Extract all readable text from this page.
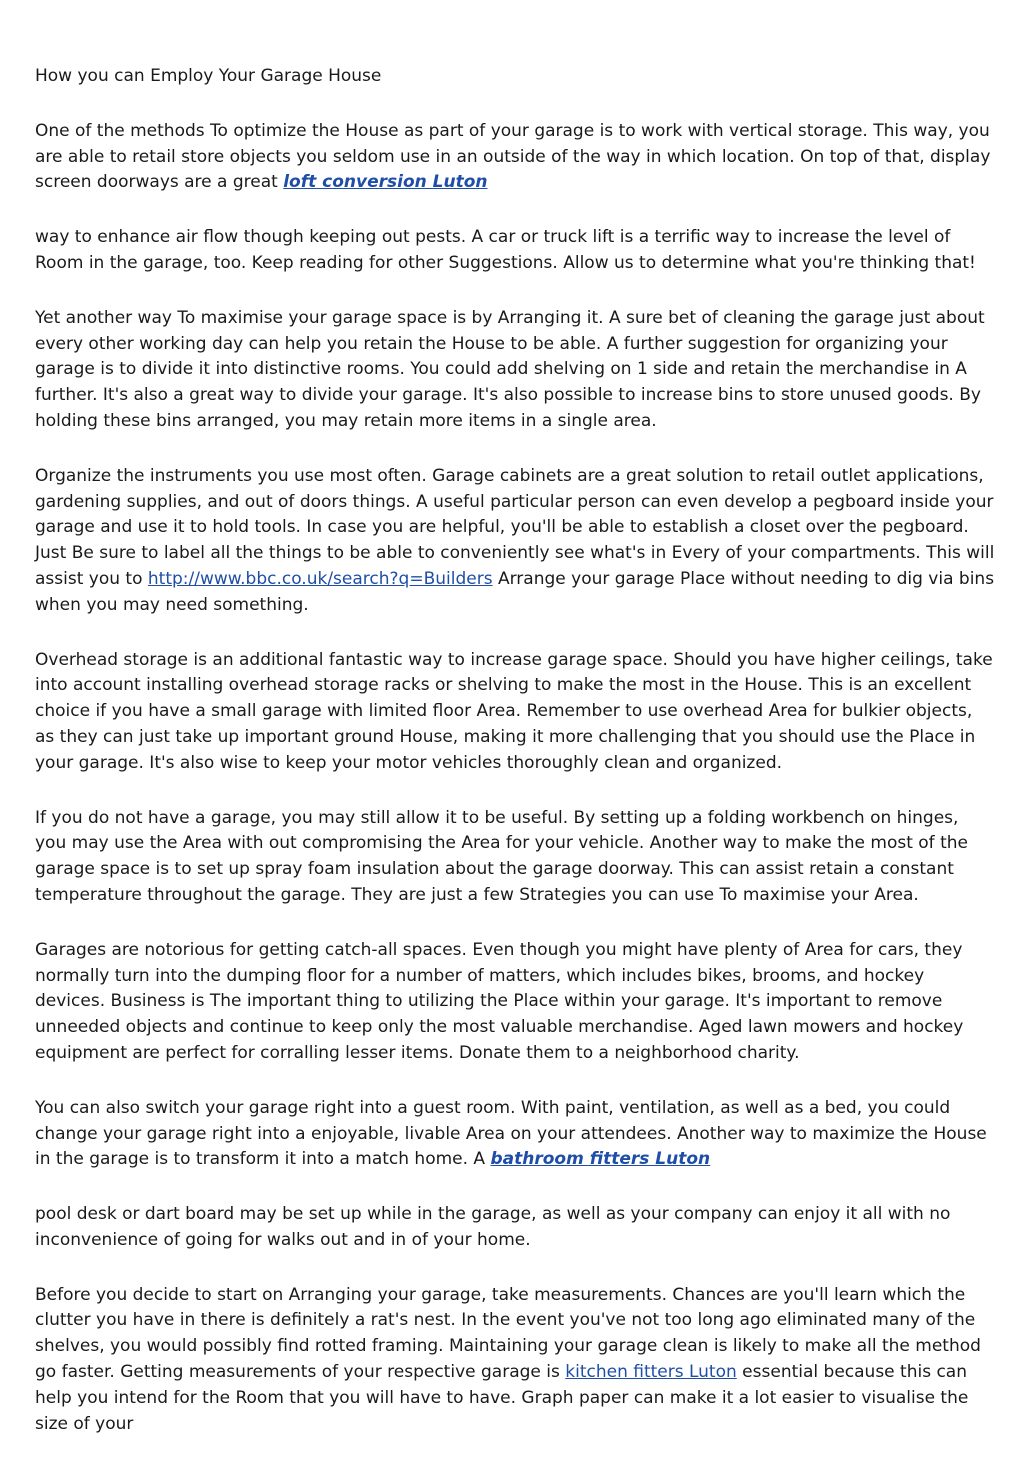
How you can Employ Your Garage House

One of the methods To optimize the House as part of your garage is to work with vertical storage. This way, you are able to retail store objects you seldom use in an outside of the way in which location. On top of that, display screen doorways are a great loft conversion Luton

way to enhance air flow though keeping out pests. A car or truck lift is a terrific way to increase the level of Room in the garage, too. Keep reading for other Suggestions. Allow us to determine what you're thinking that!

Yet another way To maximise your garage space is by Arranging it. A sure bet of cleaning the garage just about every other working day can help you retain the House to be able. A further suggestion for organizing your garage is to divide it into distinctive rooms. You could add shelving on 1 side and retain the merchandise in A further. It's also a great way to divide your garage. It's also possible to increase bins to store unused goods. By holding these bins arranged, you may retain more items in a single area.

Organize the instruments you use most often. Garage cabinets are a great solution to retail outlet applications, gardening supplies, and out of doors things. A useful particular person can even develop a pegboard inside your garage and use it to hold tools. In case you are helpful, you'll be able to establish a closet over the pegboard. Just Be sure to label all the things to be able to conveniently see what's in Every of your compartments. This will assist you to http://www.bbc.co.uk/search?q=Builders Arrange your garage Place without needing to dig via bins when you may need something.

Overhead storage is an additional fantastic way to increase garage space. Should you have higher ceilings, take into account installing overhead storage racks or shelving to make the most in the House. This is an excellent choice if you have a small garage with limited floor Area. Remember to use overhead Area for bulkier objects, as they can just take up important ground House, making it more challenging that you should use the Place in your garage. It's also wise to keep your motor vehicles thoroughly clean and organized.

If you do not have a garage, you may still allow it to be useful. By setting up a folding workbench on hinges, you may use the Area with out compromising the Area for your vehicle. Another way to make the most of the garage space is to set up spray foam insulation about the garage doorway. This can assist retain a constant temperature throughout the garage. They are just a few Strategies you can use To maximise your Area.

Garages are notorious for getting catch-all spaces. Even though you might have plenty of Area for cars, they normally turn into the dumping floor for a number of matters, which includes bikes, brooms, and hockey devices. Business is The important thing to utilizing the Place within your garage. It's important to remove unneeded objects and continue to keep only the most valuable merchandise. Aged lawn mowers and hockey equipment are perfect for corralling lesser items. Donate them to a neighborhood charity.

You can also switch your garage right into a guest room. With paint, ventilation, as well as a bed, you could change your garage right into a enjoyable, livable Area on your attendees. Another way to maximize the House in the garage is to transform it into a match home. A bathroom fitters Luton

pool desk or dart board may be set up while in the garage, as well as your company can enjoy it all with no inconvenience of going for walks out and in of your home.

Before you decide to start on Arranging your garage, take measurements. Chances are you'll learn which the clutter you have in there is definitely a rat's nest. In the event you've not too long ago eliminated many of the shelves, you would possibly find rotted framing. Maintaining your garage clean is likely to make all the method go faster. Getting measurements of your respective garage is kitchen fitters Luton essential because this can help you intend for the Room that you will have to have. Graph paper can make it a lot easier to visualise the size of your
